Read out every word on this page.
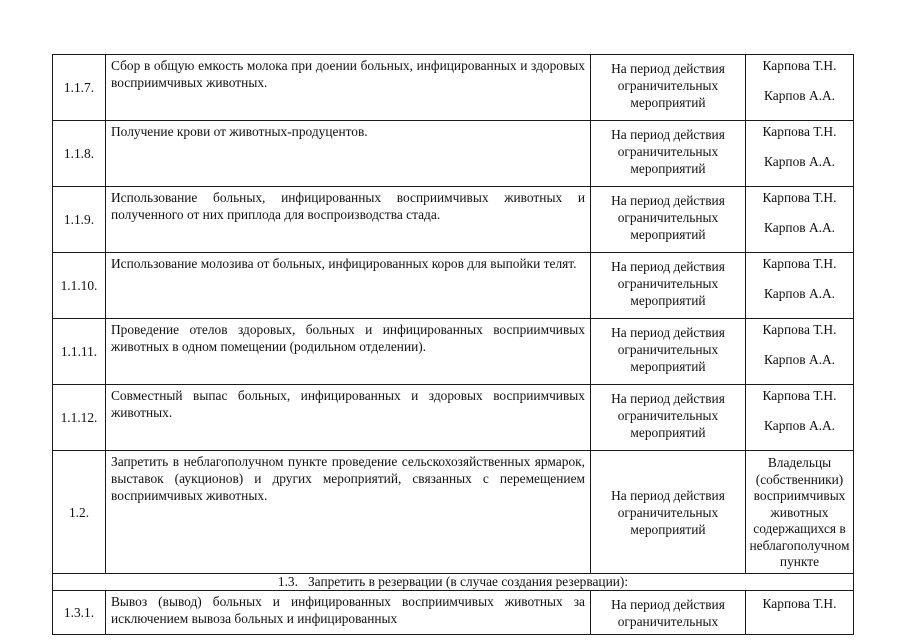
1.1.7.	Сбор в общую емкость молока при доении больных, инфицированных и здоровых восприимчивых животных.	На период действия ограничительных мероприятий	Карпова Т.Н.
Карпов А.А.

1.1.8.	Получение крови от животных-продуцентов.	На период действия ограничительных мероприятий	Карпова Т.Н.
Карпов А.А.

1.1.9.	Использование больных, инфицированных восприимчивых животных и полученного от них приплода для воспроизводства стада.	На период действия ограничительных мероприятий	Карпова Т.Н.
Карпов А.А.

1.1.10.	Использование молозива от больных, инфицированных коров для выпойки телят.	На период действия ограничительных мероприятий	Карпова Т.Н.
Карпов А.А.

1.1.11.	Проведение отелов здоровых, больных и инфицированных восприимчивых животных в одном помещении (родильном отделении).	На период действия ограничительных мероприятий	Карпова Т.Н.
Карпов А.А.

1.1.12.	Совместный выпас больных, инфицированных и здоровых восприимчивых животных.	На период действия ограничительных мероприятий	Карпова Т.Н.
Карпов А.А.

1.2.	Запретить в неблагополучном пункте проведение сельскохозяйственных ярмарок, выставок (аукционов) и других мероприятий, связанных с перемещением восприимчивых животных.	На период действия ограничительных мероприятий	Владельцы (собственники) восприимчивых животных содержащихся в неблагополучном пункте
1.3. Запретить в резервации (в случае создания резервации):			
1.3.1.	Вывоз (вывод) больных и инфицированных восприимчивых животных за исключением вывоза больных и инфицированных	На период действия ограничительных	Карпова Т.Н.
